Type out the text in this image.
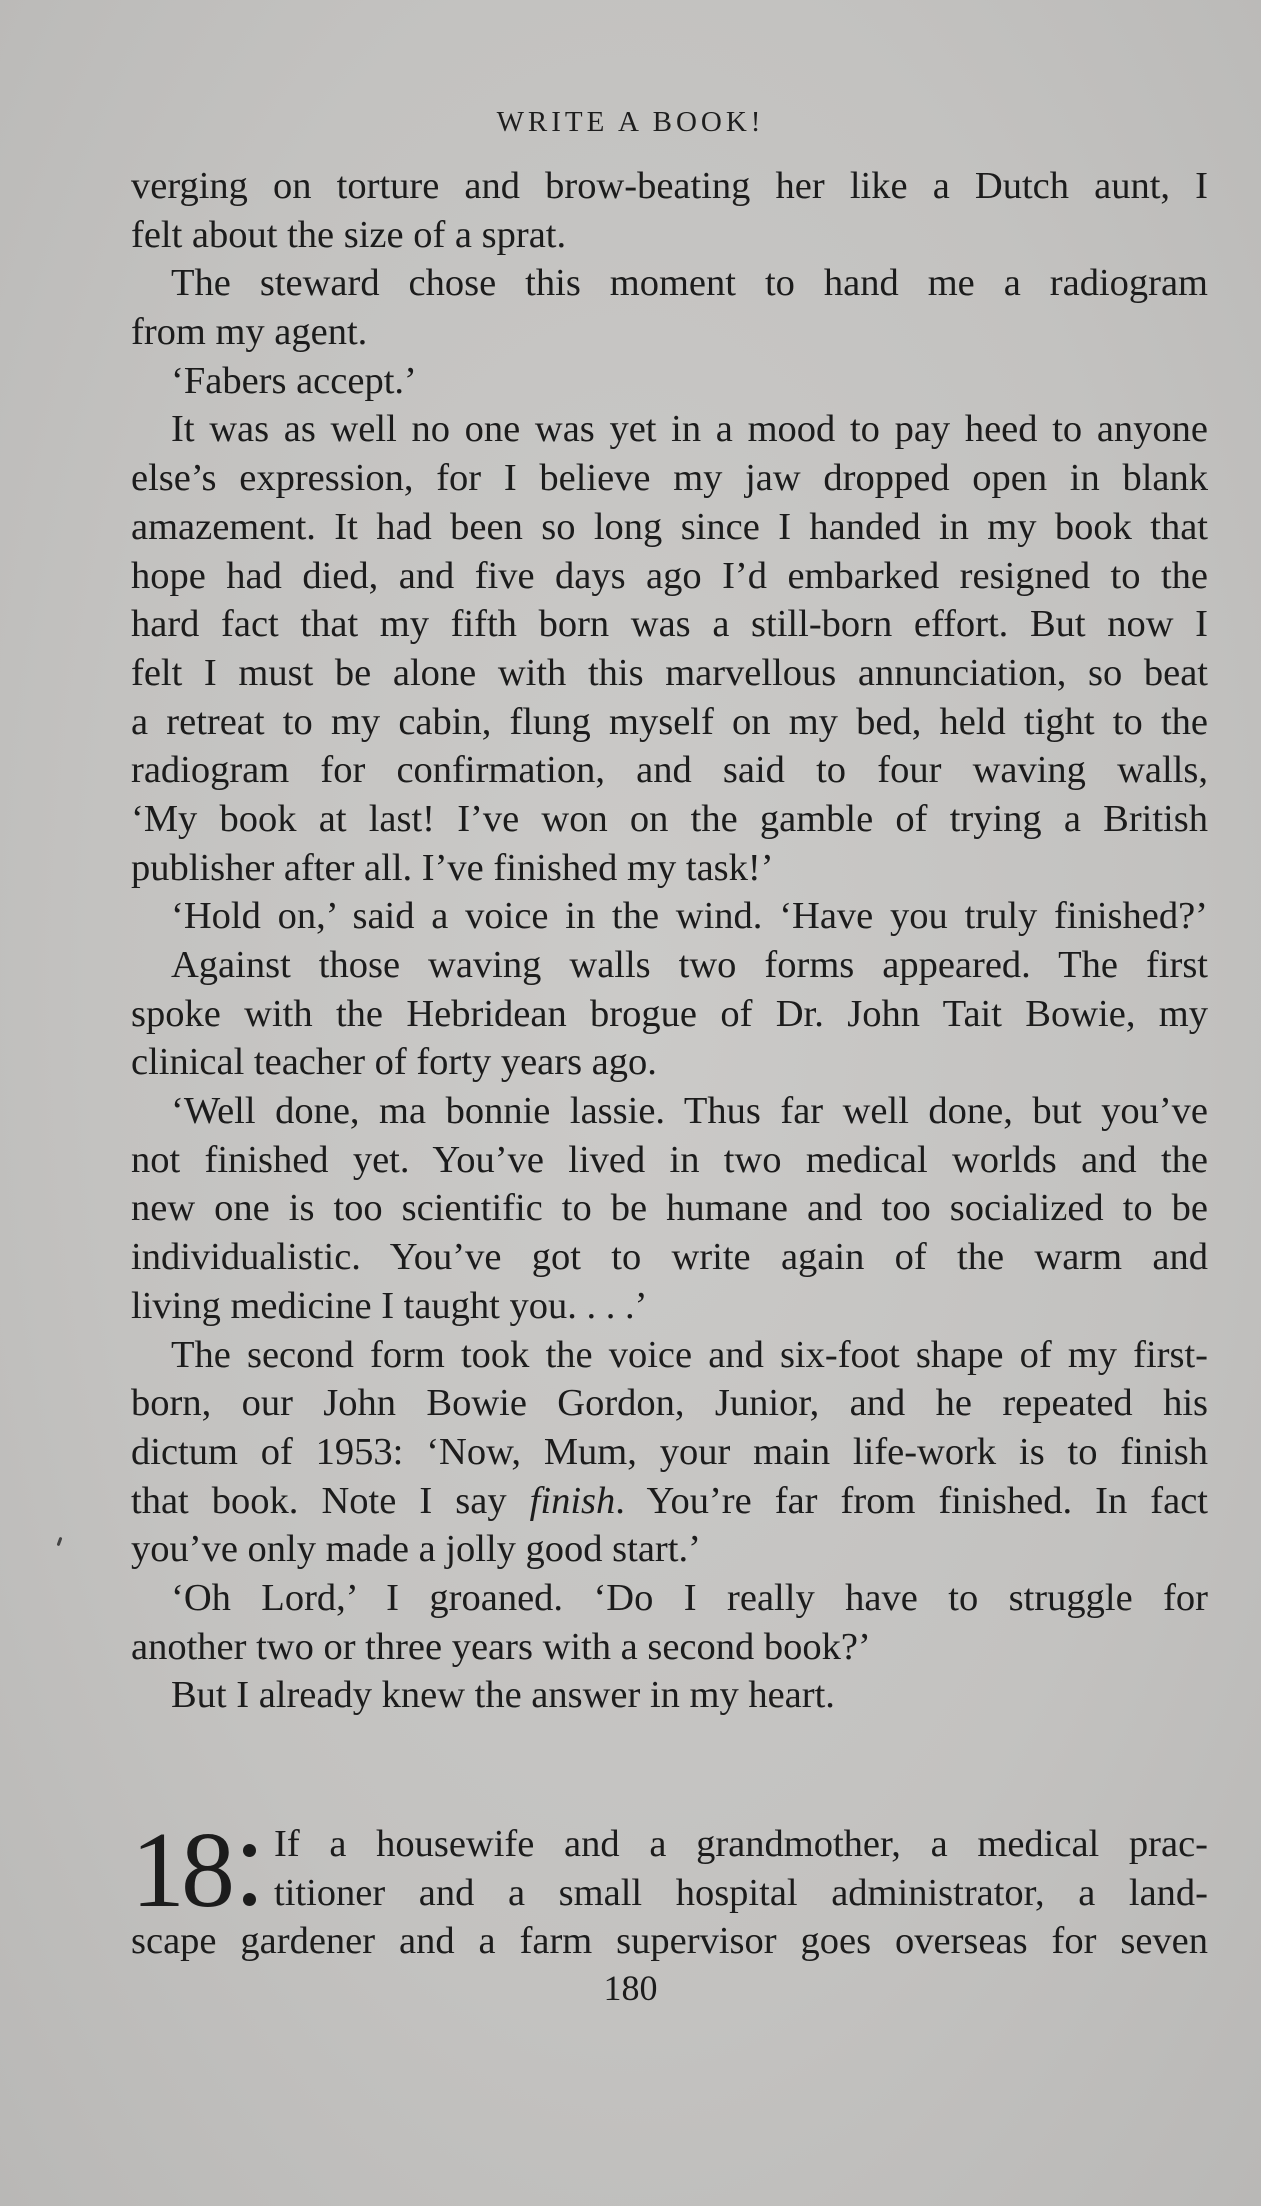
WRITE A BOOK!
verging on torture and brow-beating her like a Dutch aunt, I
felt about the size of a sprat.
The steward chose this moment to hand me a radiogram
from my agent.
‘Fabers accept.’
It was as well no one was yet in a mood to pay heed to anyone
else’s expression, for I believe my jaw dropped open in blank
amazement. It had been so long since I handed in my book that
hope had died, and five days ago I’d embarked resigned to the
hard fact that my fifth born was a still-born effort. But now I
felt I must be alone with this marvellous annunciation, so beat
a retreat to my cabin, flung myself on my bed, held tight to the
radiogram for confirmation, and said to four waving walls,
‘My book at last! I’ve won on the gamble of trying a British
publisher after all. I’ve finished my task!’
‘Hold on,’ said a voice in the wind. ‘Have you truly finished?’
Against those waving walls two forms appeared. The first
spoke with the Hebridean brogue of Dr. John Tait Bowie, my
clinical teacher of forty years ago.
‘Well done, ma bonnie lassie. Thus far well done, but you’ve
not finished yet. You’ve lived in two medical worlds and the
new one is too scientific to be humane and too socialized to be
individualistic. You’ve got to write again of the warm and
living medicine I taught you. . . .’
The second form took the voice and six-foot shape of my first-
born, our John Bowie Gordon, Junior, and he repeated his
dictum of 1953: ‘Now, Mum, your main life-work is to finish
that book. Note I say finish. You’re far from finished. In fact
you’ve only made a jolly good start.’
‘Oh Lord,’ I groaned. ‘Do I really have to struggle for
another two or three years with a second book?’
But I already knew the answer in my heart.
18 If a housewife and a grandmother, a medical prac-
titioner and a small hospital administrator, a land-
scape gardener and a farm supervisor goes overseas for seven
180
